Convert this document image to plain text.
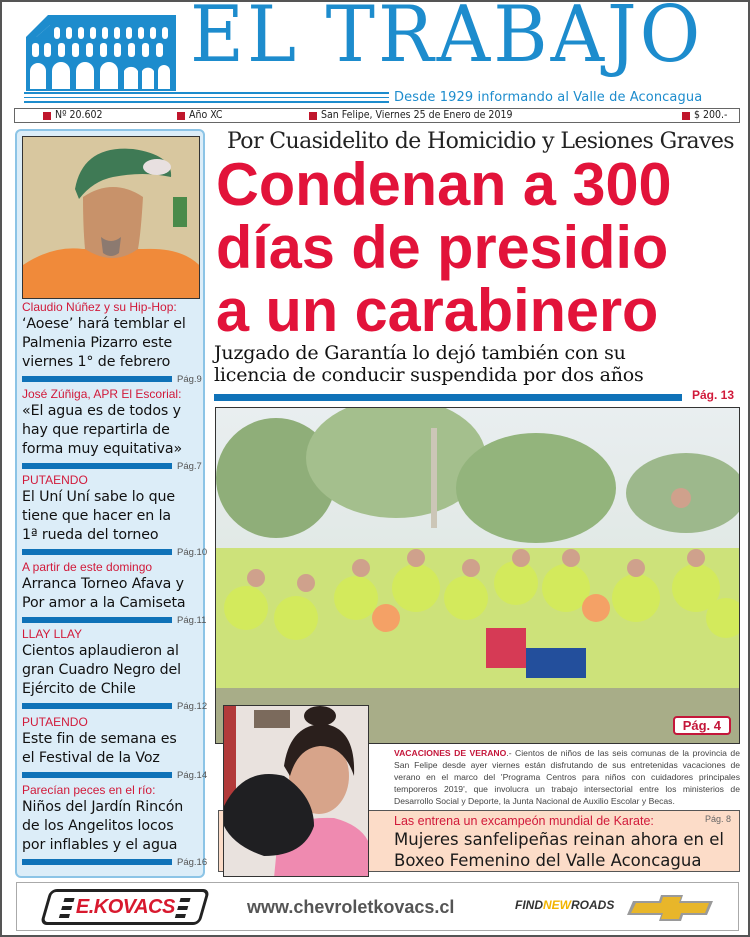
EL TRABAJO
Desde 1929 informando al Valle de Aconcagua
Nº 20.602	Año XC	San Felipe, Viernes 25 de Enero de 2019	$ 200.-
Claudio Núñez y su Hip-Hop:
‘Aoese’ hará temblar el
Palmenia Pizarro este
viernes 1° de febrero
Pág.9
José Zúñiga, APR El Escorial:
«El agua es de todos y
hay que repartirla de
forma muy equitativa»
Pág.7
PUTAENDO
El Uní Uní sabe lo que
tiene que hacer en la
1ª rueda del torneo
Pág.10
A partir de este domingo
Arranca Torneo Afava y
Por amor a la Camiseta
Pág.11
LLAY LLAY
Cientos aplaudieron al
gran Cuadro Negro del
Ejército de Chile
Pág.12
PUTAENDO
Este fin de semana es
el Festival de la Voz
Pág.14
Parecían peces en el río:
Niños del Jardín Rincón
de los Angelitos locos
por inflables y el agua
Pág.16
Por Cuasidelito de Homicidio y Lesiones Graves
Condenan a 300
días de presidio
a un carabinero
Juzgado de Garantía lo dejó también con su
licencia de conducir suspendida por dos años
Pág. 13
Pág. 4
VACACIONES DE VERANO.- Cientos de niños de las seis comunas de la provincia de San Felipe desde ayer viernes están disfrutando de sus entretenidas vacaciones de verano en el marco del 'Programa Centros para niños con cuidadores principales temporeros 2019', que involucra un trabajo intersectorial entre los ministerios de Desarrollo Social y Deporte, la Junta Nacional de Auxilio Escolar y Becas.
Las entrena un excampeón mundial de Karate:	Pág. 8
Mujeres sanfelipeñas reinan ahora en el
Boxeo Femenino del Valle Aconcagua
E.KOVACS	www.chevroletkovacs.cl	FINDNEWROADS
